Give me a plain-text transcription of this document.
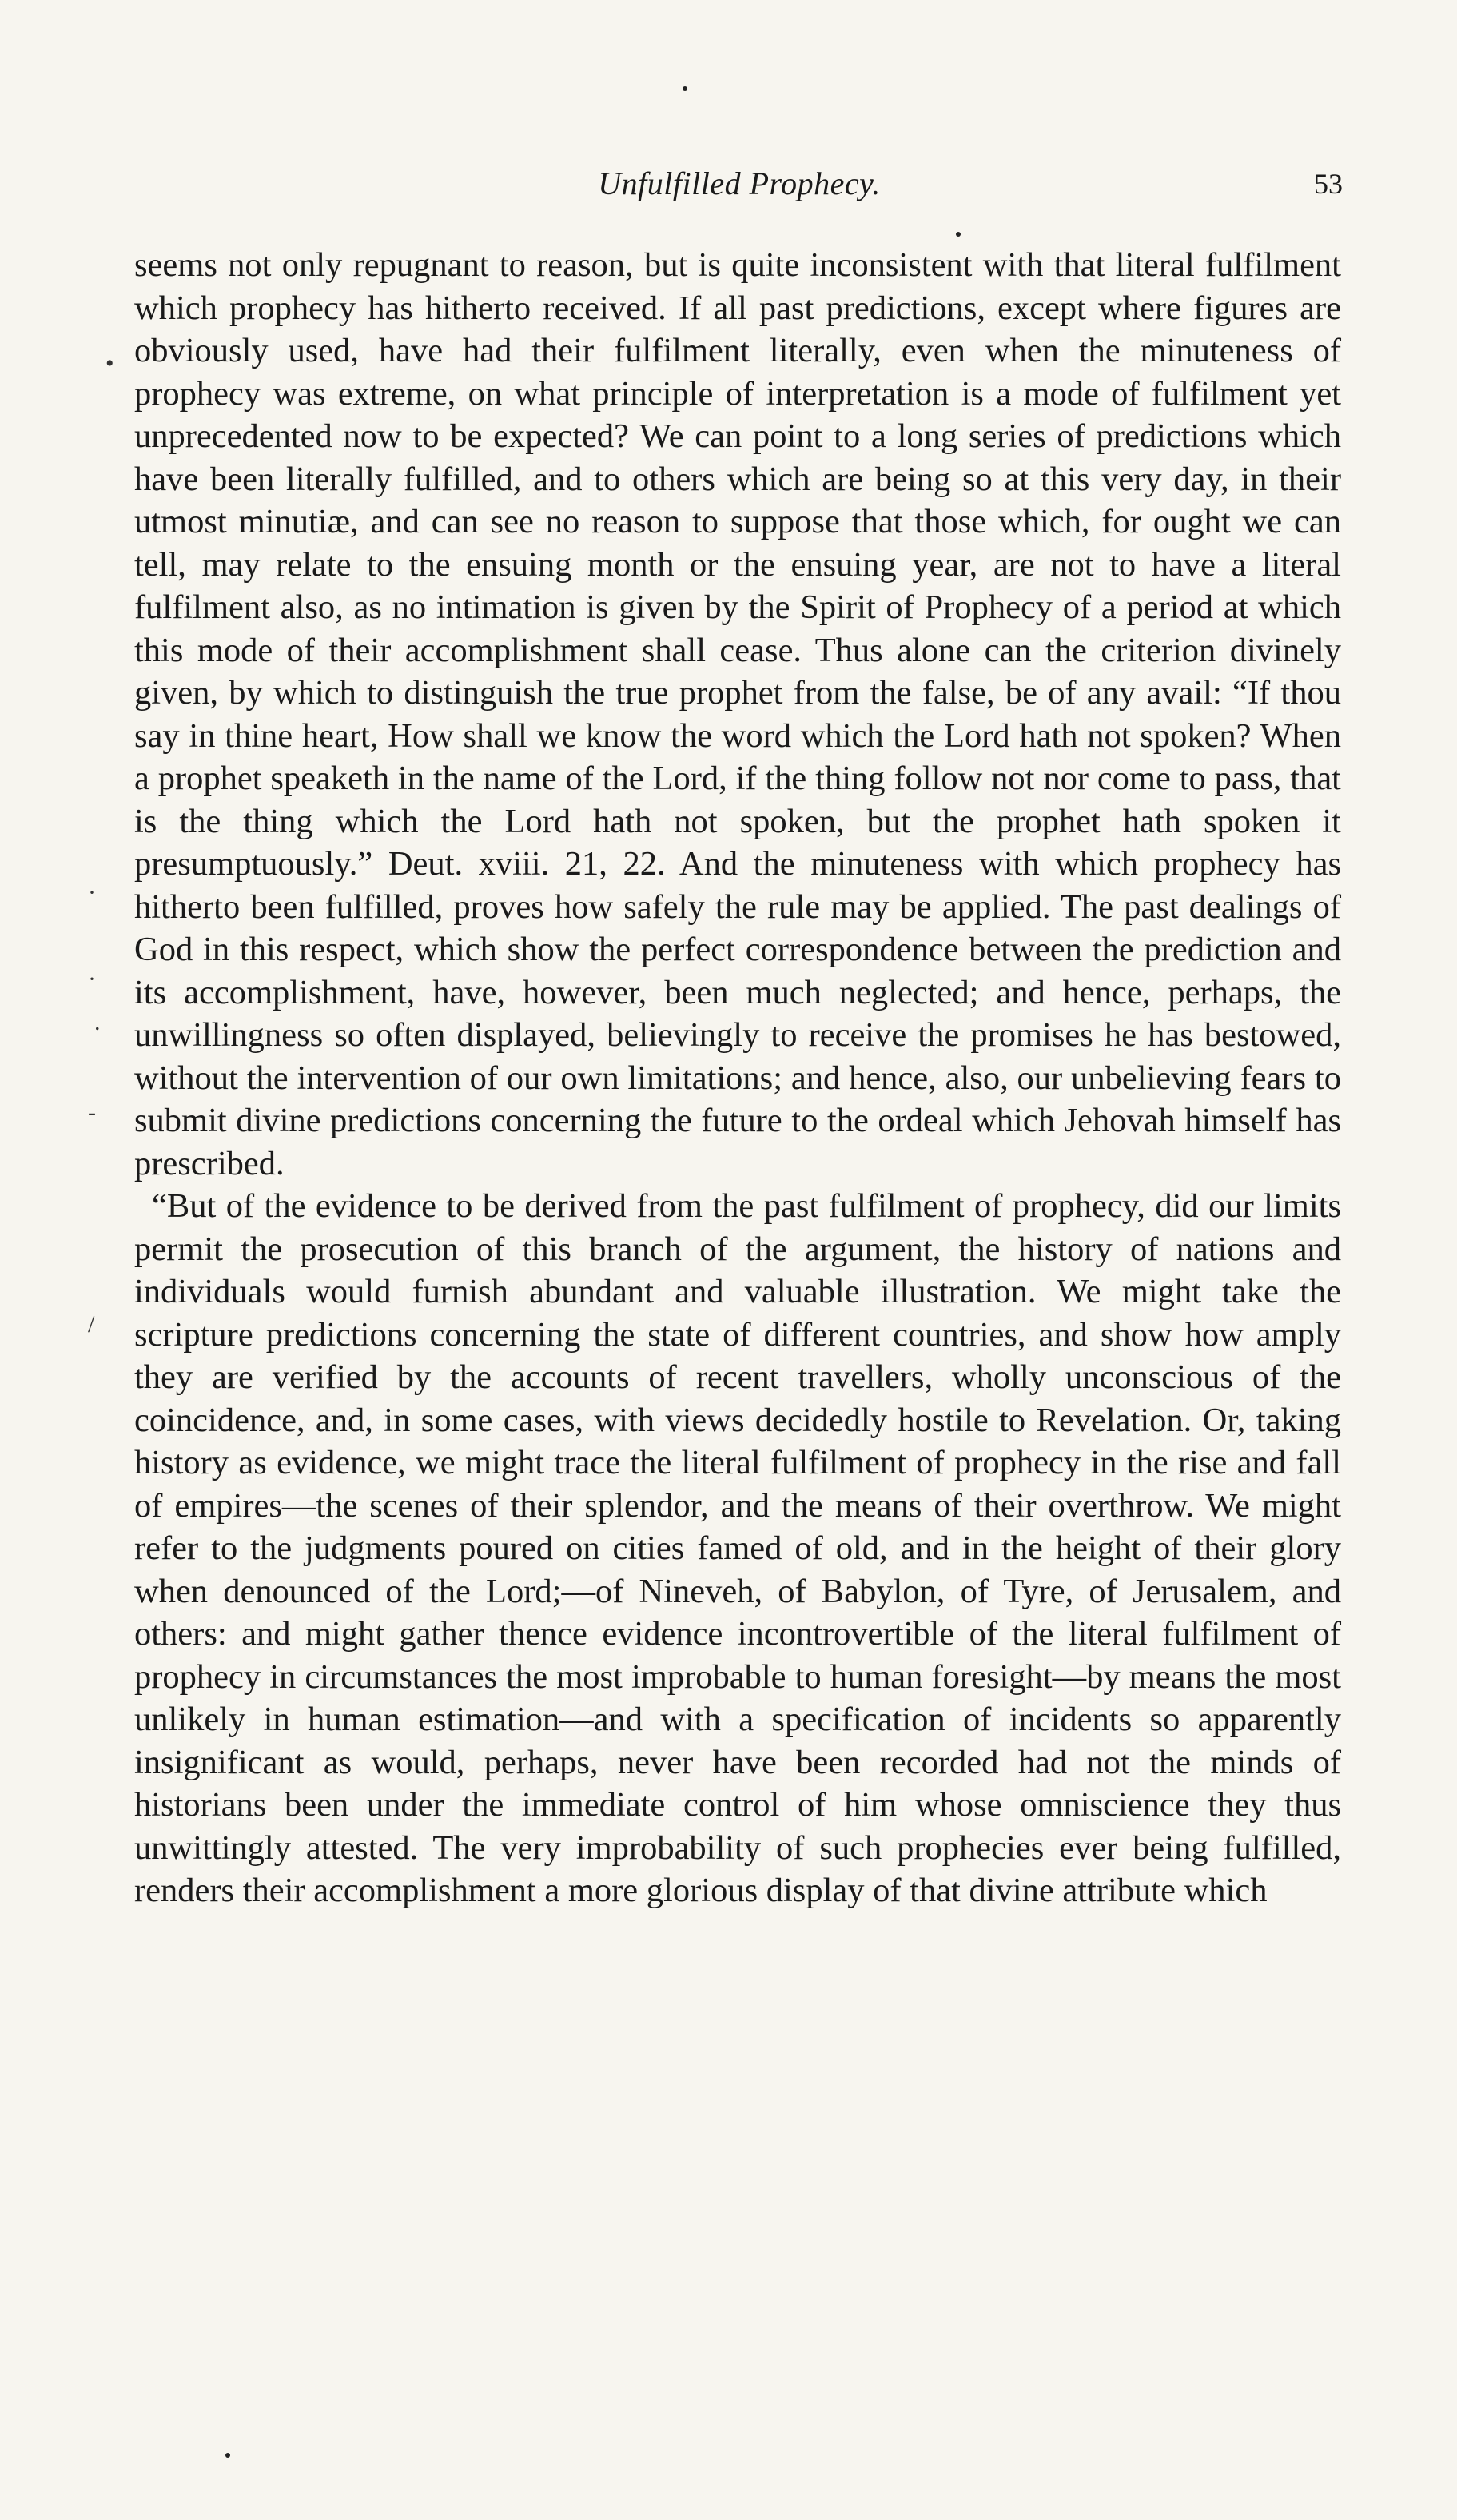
Unfulfilled Prophecy.	53
•
·
·
.
-
/

seems not only repugnant to reason, but is quite inconsistent with that literal fulfilment which prophecy has hitherto received. If all past predictions, except where figures are obviously used, have had their fulfilment literally, even when the minuteness of prophecy was extreme, on what principle of interpretation is a mode of fulfilment yet unprecedented now to be expected? We can point to a long series of predictions which have been literally fulfilled, and to others which are being so at this very day, in their utmost minutiæ, and can see no reason to suppose that those which, for ought we can tell, may relate to the ensuing month or the ensuing year, are not to have a literal fulfilment also, as no intimation is given by the Spirit of Prophecy of a period at which this mode of their accomplishment shall cease. Thus alone can the criterion divinely given, by which to distinguish the true prophet from the false, be of any avail: “If thou say in thine heart, How shall we know the word which the Lord hath not spoken? When a prophet speaketh in the name of the Lord, if the thing follow not nor come to pass, that is the thing which the Lord hath not spoken, but the prophet hath spoken it presumptuously.” Deut. xviii. 21, 22. And the minuteness with which prophecy has hitherto been fulfilled, proves how safely the rule may be applied. The past dealings of God in this respect, which show the perfect correspondence between the prediction and its accomplishment, have, however, been much neglected; and hence, perhaps, the unwillingness so often displayed, believingly to receive the promises he has bestowed, without the intervention of our own limitations; and hence, also, our unbelieving fears to submit divine predictions concerning the future to the ordeal which Jehovah himself has prescribed.

“But of the evidence to be derived from the past fulfilment of prophecy, did our limits permit the prosecution of this branch of the argument, the history of nations and individuals would furnish abundant and valuable illustration. We might take the scripture predictions concerning the state of different countries, and show how amply they are verified by the accounts of recent travellers, wholly unconscious of the coincidence, and, in some cases, with views decidedly hostile to Revelation. Or, taking history as evidence, we might trace the literal fulfilment of prophecy in the rise and fall of empires—the scenes of their splendor, and the means of their overthrow. We might refer to the judgments poured on cities famed of old, and in the height of their glory when denounced of the Lord;—of Nineveh, of Babylon, of Tyre, of Jerusalem, and others: and might gather thence evidence incontrovertible of the literal fulfilment of prophecy in circumstances the most improbable to human foresight—by means the most unlikely in human estimation—and with a specification of incidents so apparently insignificant as would, perhaps, never have been recorded had not the minds of historians been under the immediate control of him whose omniscience they thus unwittingly attested. The very improbability of such prophecies ever being fulfilled, renders their accomplishment a more glorious display of that divine attribute which
